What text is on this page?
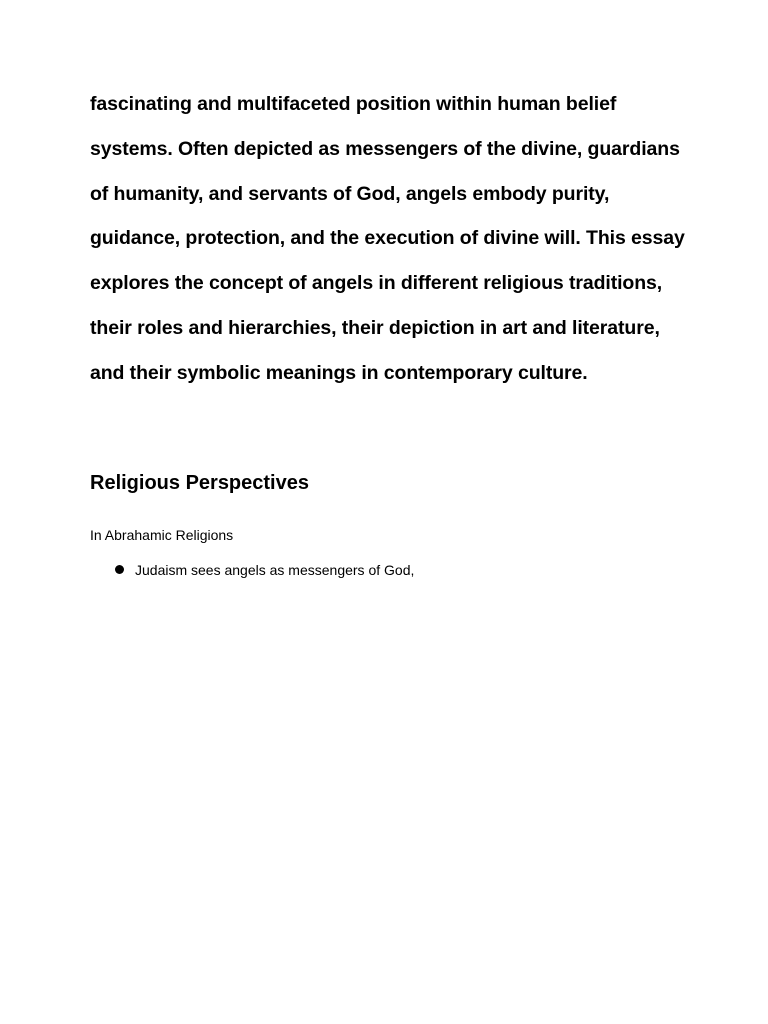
fascinating and multifaceted position within human belief systems. Often depicted as messengers of the divine, guardians of humanity, and servants of God, angels embody purity, guidance, protection, and the execution of divine will. This essay explores the concept of angels in different religious traditions, their roles and hierarchies, their depiction in art and literature, and their symbolic meanings in contemporary culture.

Religious Perspectives

In Abrahamic Religions

Judaism sees angels as messengers of God,
